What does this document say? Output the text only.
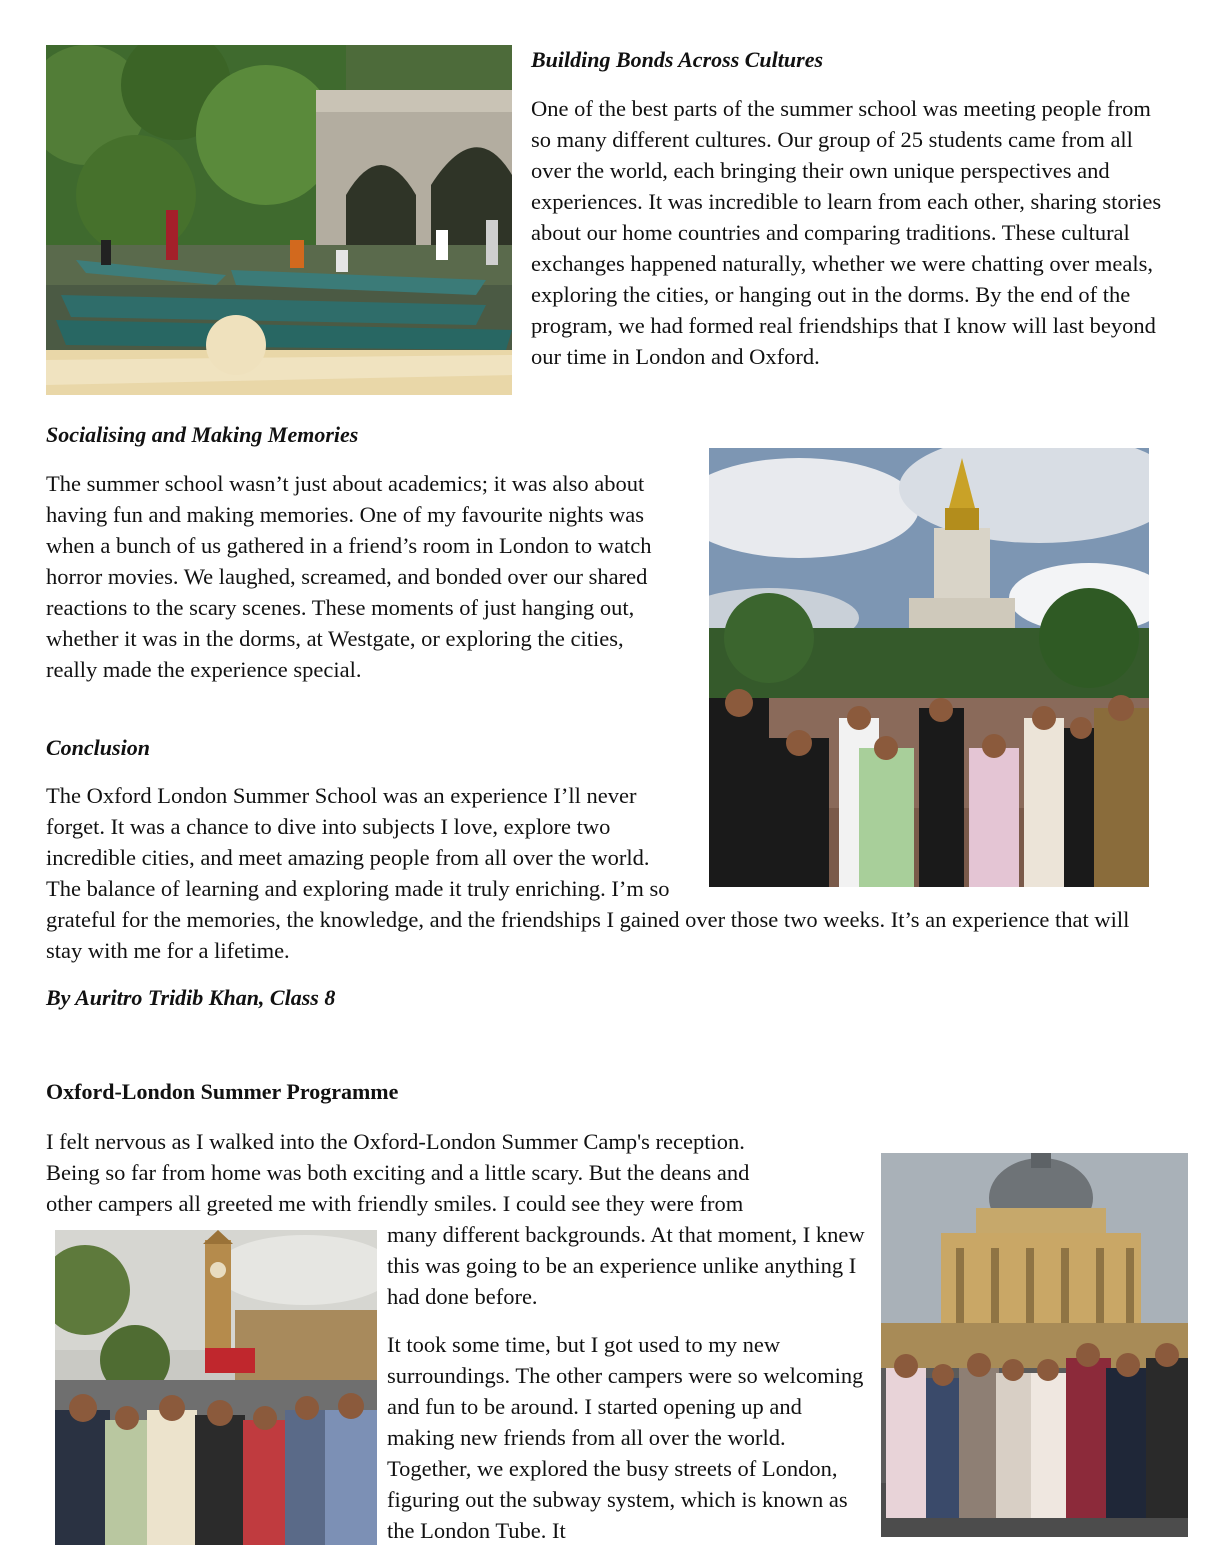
Building Bonds Across Cultures

One of the best parts of the summer school was meeting people from so many different cultures. Our group of 25 students came from all over the world, each bringing their own unique perspectives and experiences. It was incredible to learn from each other, sharing stories about our home countries and comparing traditions. These cultural exchanges happened naturally, whether we were chatting over meals, exploring the cities, or hanging out in the dorms. By the end of the program, we had formed real friendships that I know will last beyond our time in London and Oxford.

Socialising and Making Memories

The summer school wasn’t just about academics; it was also about having fun and making memories. One of my favourite nights was when a bunch of us gathered in a friend’s room in London to watch horror movies. We laughed, screamed, and bonded over our shared reactions to the scary scenes. These moments of just hanging out, whether it was in the dorms, at Westgate, or exploring the cities, really made the experience special.

Conclusion

The Oxford London Summer School was an experience I’ll never forget. It was a chance to dive into subjects I love, explore two incredible cities, and meet amazing people from all over the world. The balance of learning and exploring made it truly enriching. I’m so grateful for the memories, the knowledge, and the friendships I gained over those two weeks. It’s an experience that will stay with me for a lifetime.

By Auritro Tridib Khan, Class 8
Oxford-London Summer Programme
I felt nervous as I walked into the Oxford-London Summer Camp's reception.
Being so far from home was both exciting and a little scary. But the deans and
other campers all greeted me with friendly smiles. I could see they were from

many different backgrounds. At that moment, I knew this was going to be an experience unlike anything I had done before.

It took some time, but I got used to my new surroundings. The other campers were so welcoming and fun to be around. I started opening up and making new friends from all over the world. Together, we explored the busy streets of London, figuring out the subway system, which is known as the London Tube. It
